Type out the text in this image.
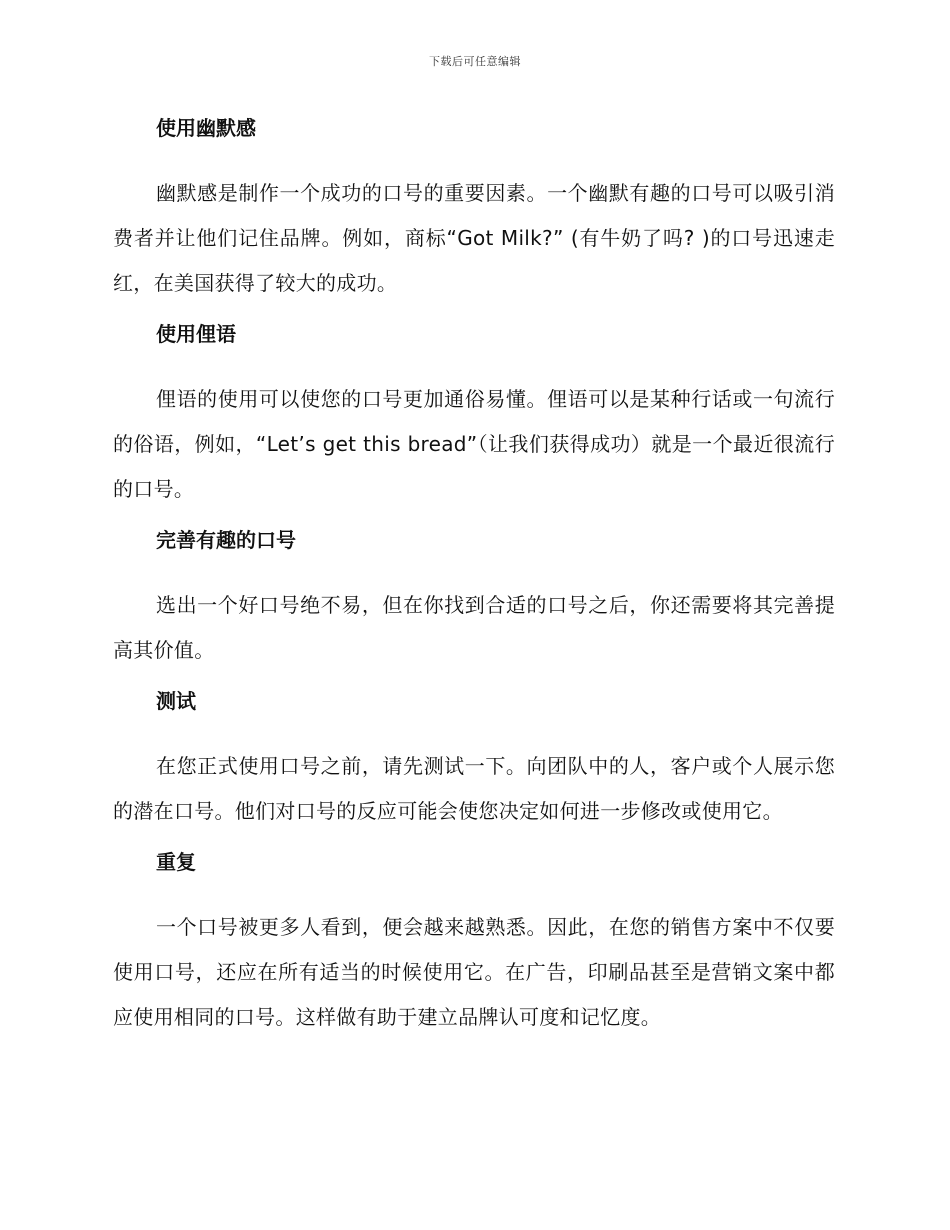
下载后可任意编辑
使用幽默感

幽默感是制作一个成功的口号的重要因素。一个幽默有趣的口号可以吸引消费者并让他们记住品牌。例如，商标“Got Milk?” (有牛奶了吗? )的口号迅速走红，在美国获得了较大的成功。

使用俚语

俚语的使用可以使您的口号更加通俗易懂。俚语可以是某种行话或一句流行的俗语，例如，“Let’s get this bread”（让我们获得成功）就是一个最近很流行的口号。

完善有趣的口号

选出一个好口号绝不易，但在你找到合适的口号之后，你还需要将其完善提高其价值。

测试

在您正式使用口号之前，请先测试一下。向团队中的人，客户或个人展示您的潜在口号。他们对口号的反应可能会使您决定如何进一步修改或使用它。

重复

一个口号被更多人看到，便会越来越熟悉。因此，在您的销售方案中不仅要使用口号，还应在所有适当的时候使用它。在广告，印刷品甚至是营销文案中都应使用相同的口号。这样做有助于建立品牌认可度和记忆度。
